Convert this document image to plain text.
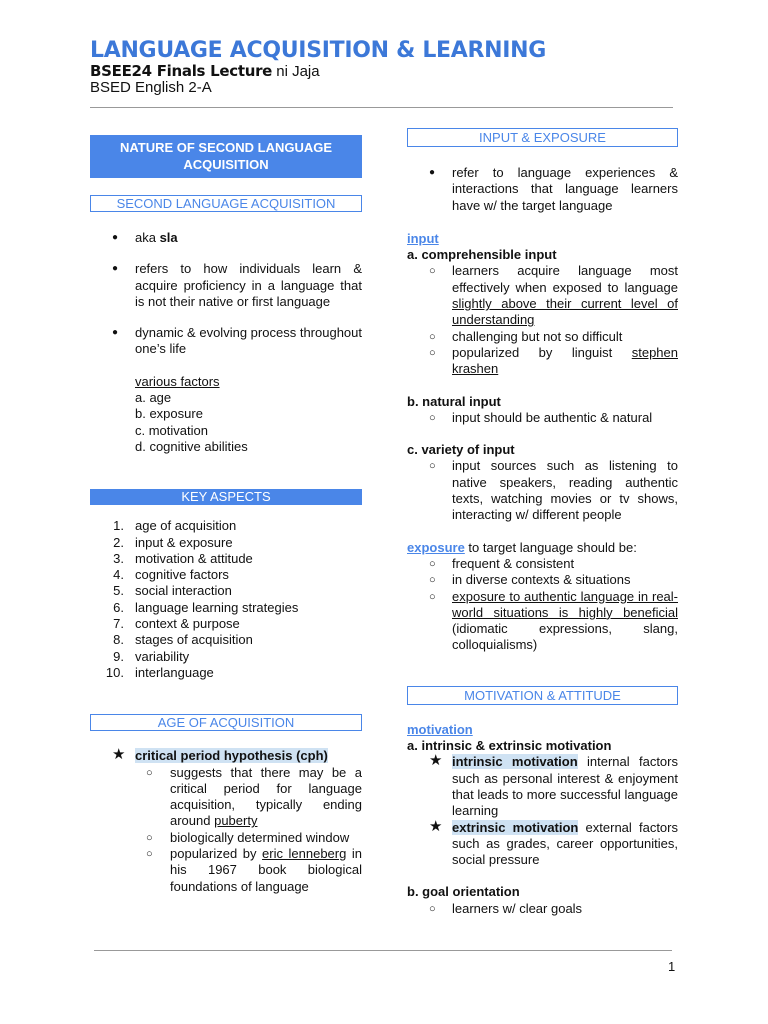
LANGUAGE ACQUISITION & LEARNING
BSEE24 Finals Lecture ni Jaja
BSED English 2-A
NATURE OF SECOND LANGUAGE ACQUISITION
SECOND LANGUAGE ACQUISITION
● aka sla
● refers to how individuals learn & acquire proficiency in a language that is not their native or first language
● dynamic & evolving process throughout one’s life
various factors
a. age
b. exposure
c. motivation
d. cognitive abilities
KEY ASPECTS
1. age of acquisition
2. input & exposure
3. motivation & attitude
4. cognitive factors
5. social interaction
6. language learning strategies
7. context & purpose
8. stages of acquisition
9. variability
10. interlanguage
AGE OF ACQUISITION
★ critical period hypothesis (cph)
○ suggests that there may be a critical period for language acquisition, typically ending around puberty
○ biologically determined window
○ popularized by eric lenneberg in his 1967 book biological foundations of language
INPUT & EXPOSURE
● refer to language experiences & interactions that language learners have w/ the target language
input
a. comprehensible input
○ learners acquire language most effectively when exposed to language slightly above their current level of understanding
○ challenging but not so difficult
○ popularized by linguist stephen krashen
b. natural input
○ input should be authentic & natural
c. variety of input
○ input sources such as listening to native speakers, reading authentic texts, watching movies or tv shows, interacting w/ different people
exposure to target language should be:
○ frequent & consistent
○ in diverse contexts & situations
○ exposure to authentic language in real-world situations is highly beneficial (idiomatic expressions, slang, colloquialisms)
MOTIVATION & ATTITUDE
motivation
a. intrinsic & extrinsic motivation
★ intrinsic motivation internal factors such as personal interest & enjoyment that leads to more successful language learning
★ extrinsic motivation external factors such as grades, career opportunities, social pressure
b. goal orientation
○ learners w/ clear goals
1
